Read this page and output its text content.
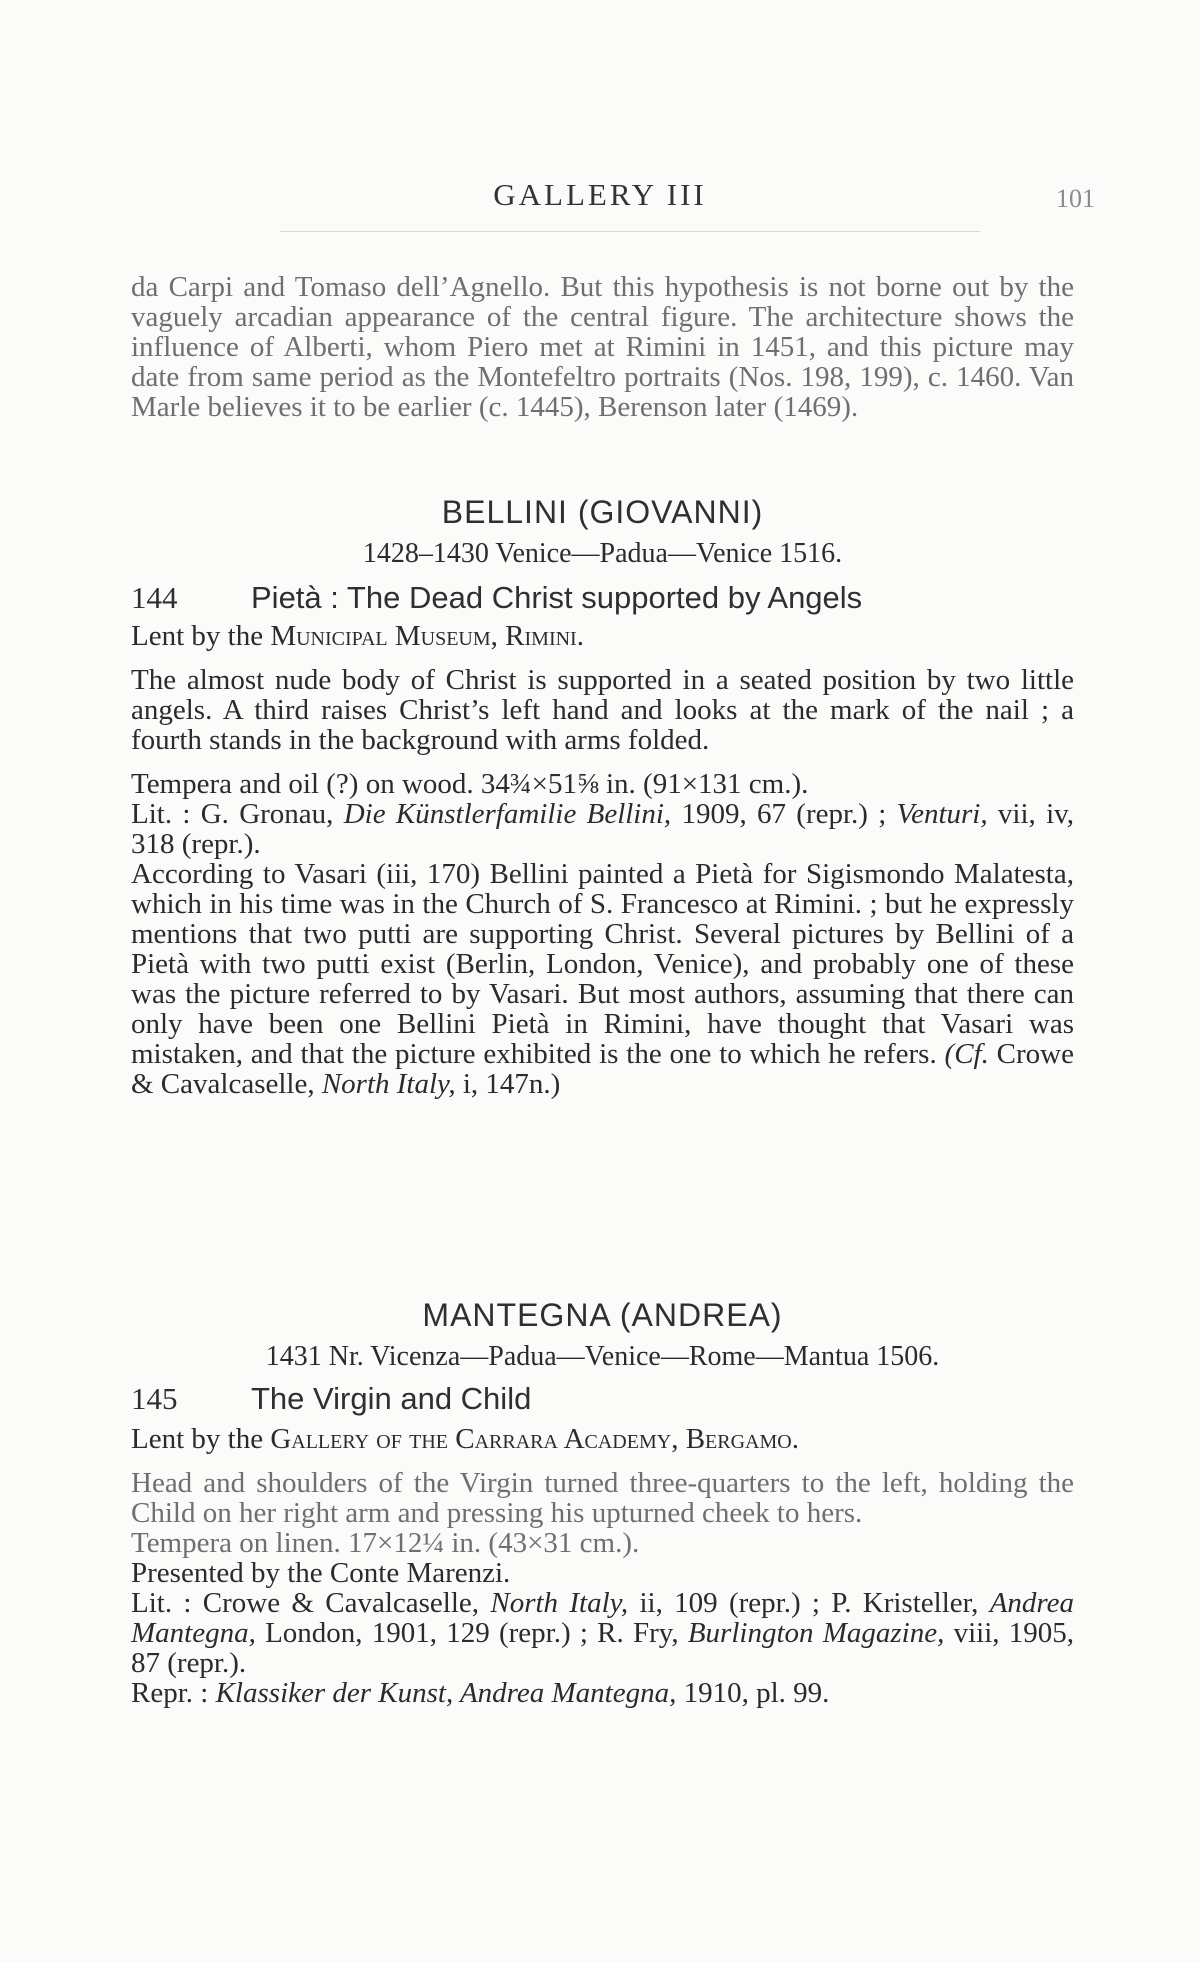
GALLERY III	101

da Carpi and Tomaso dell’Agnello. But this hypothesis is not borne out by the vaguely arcadian appearance of the central figure. The architecture shows the influence of Alberti, whom Piero met at Rimini in 1451, and this picture may date from same period as the Montefeltro portraits (Nos. 198, 199), c. 1460. Van Marle believes it to be earlier (c. 1445), Berenson later (1469).

BELLINI (GIOVANNI)
1428–1430 Venice—Padua—Venice 1516.
144 Pietà : The Dead Christ supported by Angels

Lent by the Municipal Museum, Rimini.

The almost nude body of Christ is supported in a seated position by two little angels. A third raises Christ’s left hand and looks at the mark of the nail ; a fourth stands in the background with arms folded.

Tempera and oil (?) on wood. 34¾×51⅝ in. (91×131 cm.).

Lit. : G. Gronau, Die Künstlerfamilie Bellini, 1909, 67 (repr.) ; Venturi, vii, iv, 318 (repr.).

According to Vasari (iii, 170) Bellini painted a Pietà for Sigismondo Malatesta, which in his time was in the Church of S. Francesco at Rimini. ; but he expressly mentions that two putti are supporting Christ. Several pictures by Bellini of a Pietà with two putti exist (Berlin, London, Venice), and probably one of these was the picture referred to by Vasari. But most authors, assuming that there can only have been one Bellini Pietà in Rimini, have thought that Vasari was mistaken, and that the picture exhibited is the one to which he refers. (Cf. Crowe & Cavalcaselle, North Italy, i, 147n.)

MANTEGNA (ANDREA)
1431 Nr. Vicenza—Padua—Venice—Rome—Mantua 1506.
145 The Virgin and Child

Lent by the Gallery of the Carrara Academy, Bergamo.

Head and shoulders of the Virgin turned three-quarters to the left, holding the Child on her right arm and pressing his upturned cheek to hers.

Tempera on linen. 17×12¼ in. (43×31 cm.).

Presented by the Conte Marenzi.

Lit. : Crowe & Cavalcaselle, North Italy, ii, 109 (repr.) ; P. Kristeller, Andrea Mantegna, London, 1901, 129 (repr.) ; R. Fry, Burlington Magazine, viii, 1905, 87 (repr.).

Repr. : Klassiker der Kunst, Andrea Mantegna, 1910, pl. 99.
